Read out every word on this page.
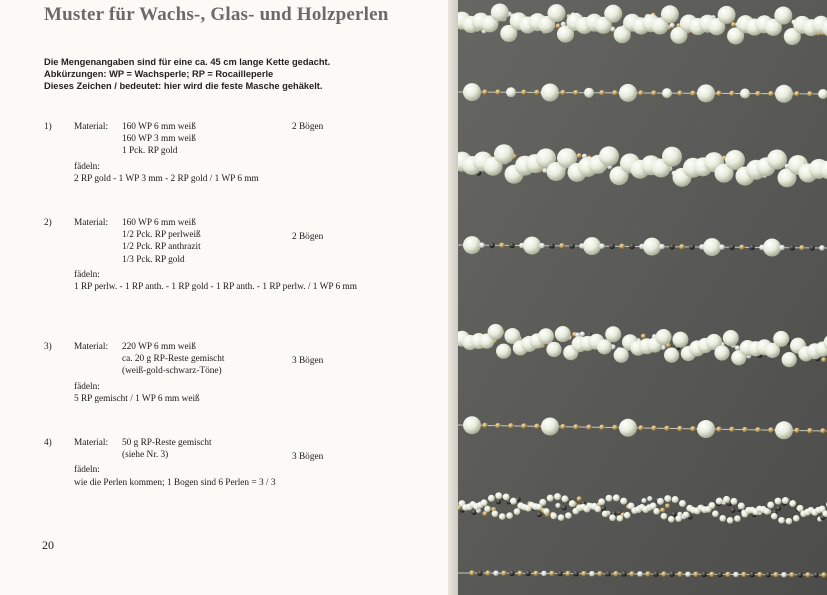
Muster für Wachs-, Glas- und Holzperlen
Die Mengenangaben sind für eine ca. 45 cm lange Kette gedacht.
Abkürzungen: WP = Wachsperle; RP = Rocailleperle
Dieses Zeichen / bedeutet: hier wird die feste Masche gehäkelt.
1) Material: 160 WP 6 mm weiß
160 WP 3 mm weiß
1 Pck. RP gold
2 Bögen
fädeln:
2 RP gold - 1 WP 3 mm - 2 RP gold / 1 WP 6 mm
2) Material: 160 WP 6 mm weiß
1/2 Pck. RP perlweiß
1/2 Pck. RP anthrazit
1/3 Pck. RP gold
2 Bögen
fädeln:
1 RP perlw. - 1 RP anth. - 1 RP gold - 1 RP anth. - 1 RP perlw. / 1 WP 6 mm
3) Material: 220 WP 6 mm weiß
ca. 20 g RP-Reste gemischt
(weiß-gold-schwarz-Töne)
3 Bögen
fädeln:
5 RP gemischt / 1 WP 6 mm weiß
4) Material: 50 g RP-Reste gemischt
(siehe Nr. 3)	3 Bögen
fädeln:
wie die Perlen kommen; 1 Bogen sind 6 Perlen = 3 / 3
20
